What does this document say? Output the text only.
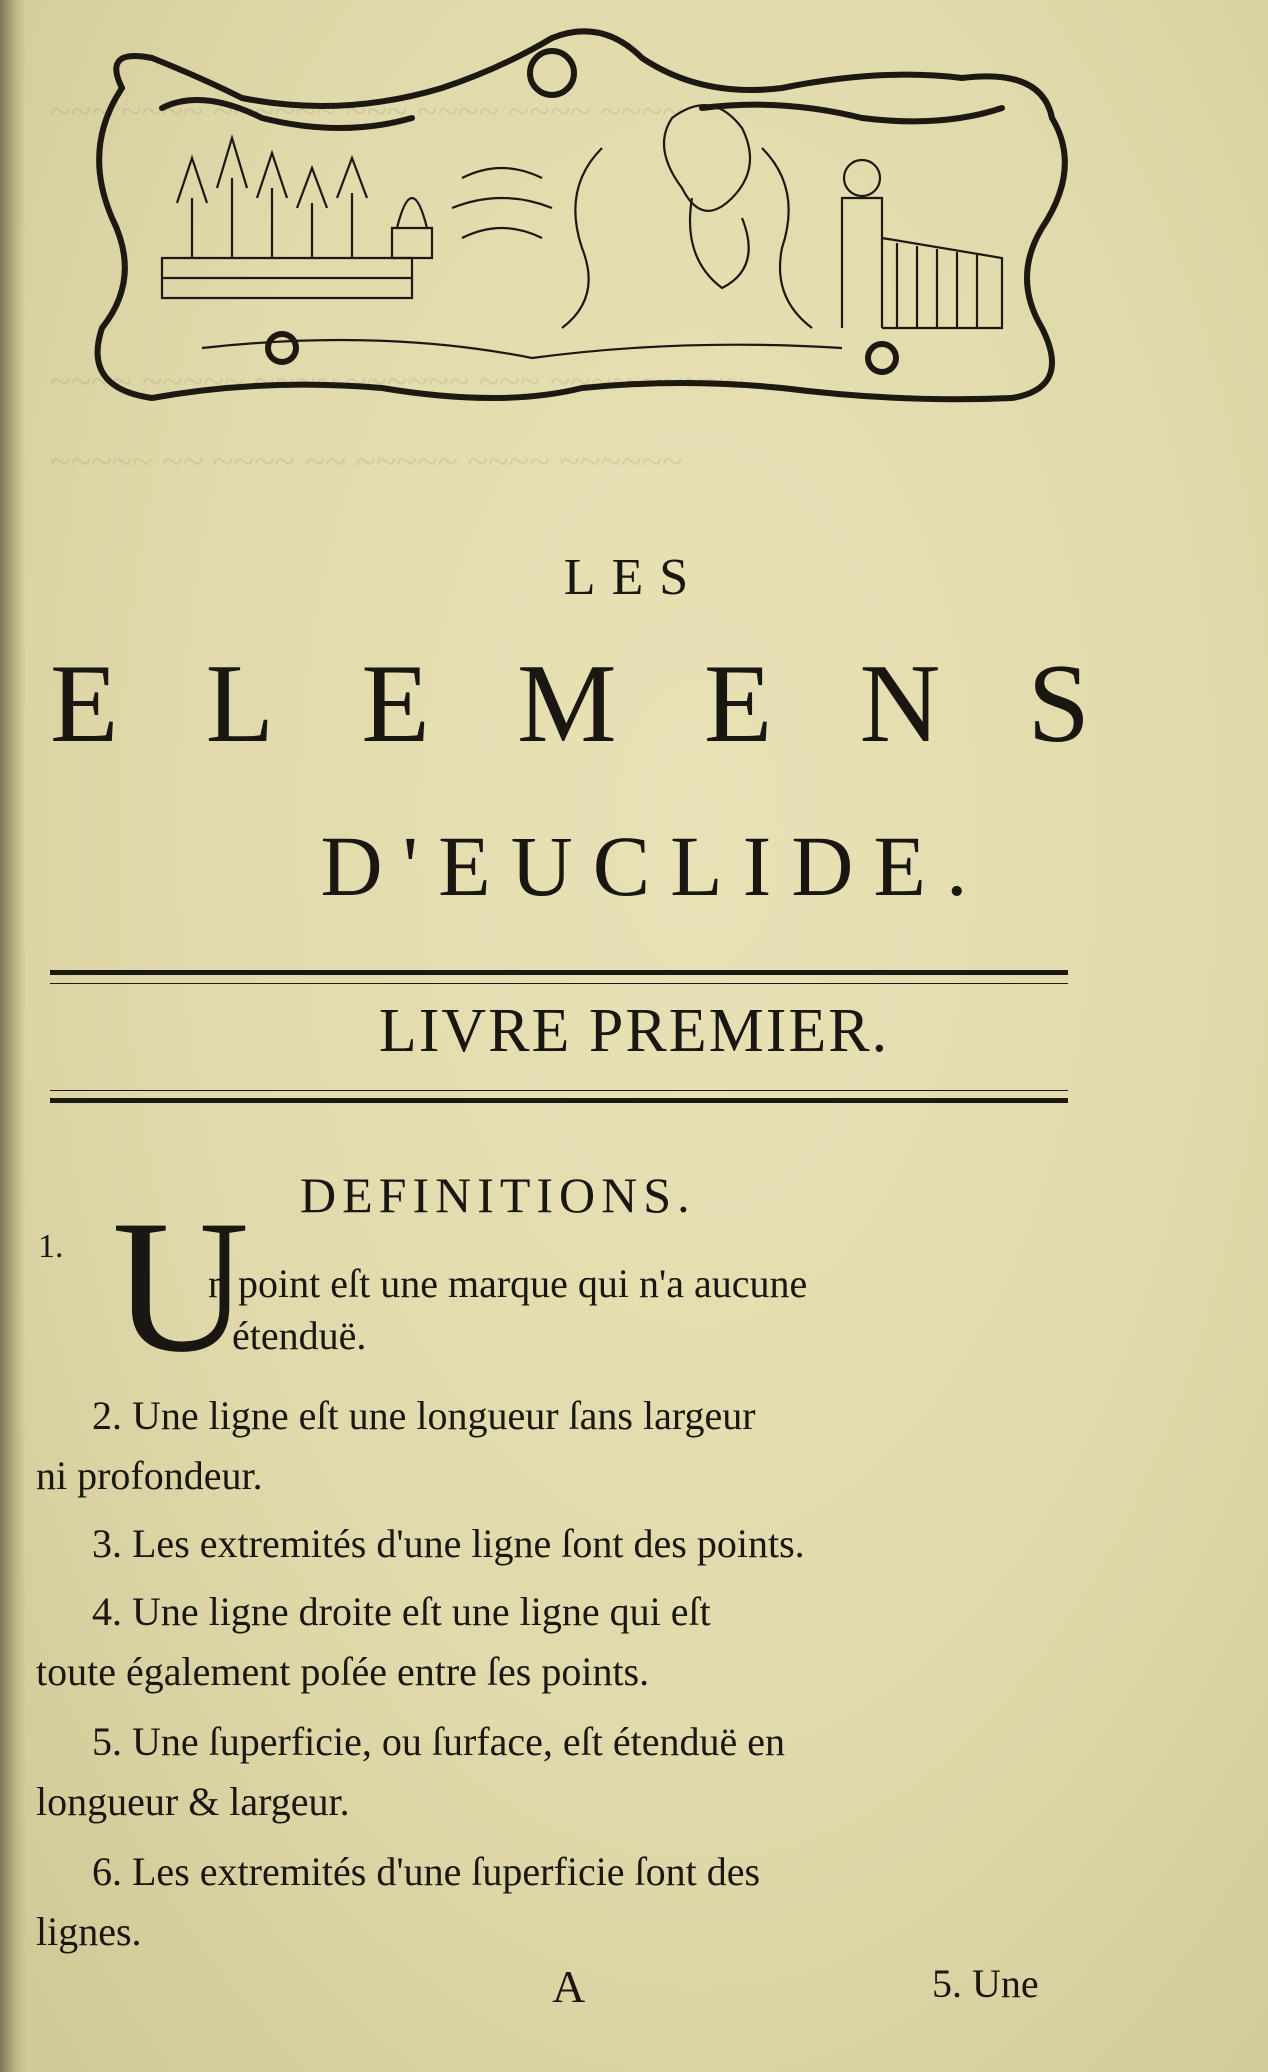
~~~ ~~~~ ~~~~~~ ~~~ ~~~~ ~~~~ ~~~~
~~~~ ~~~~~ ~~~~ ~~~~~~ ~~~ ~~~~ ~~~~~
~~~~~ ~~ ~~~~ ~~ ~~~~~ ~~~~ ~~~~~~
LES
E L E M E N S
D'EUCLIDE.
LIVRE PREMIER.
DEFINITIONS.
1. U
n point eſt une marque qui n'a aucune
étenduë.
2. Une ligne eſt une longueur ſans largeur
ni profondeur.
3. Les extremités d'une ligne ſont des points.
4. Une ligne droite eſt une ligne qui eſt
toute également poſée entre ſes points.
5. Une ſuperficie, ou ſurface, eſt étenduë en
longueur & largeur.
6. Les extremités d'une ſuperficie ſont des
lignes.
A	5. Une
